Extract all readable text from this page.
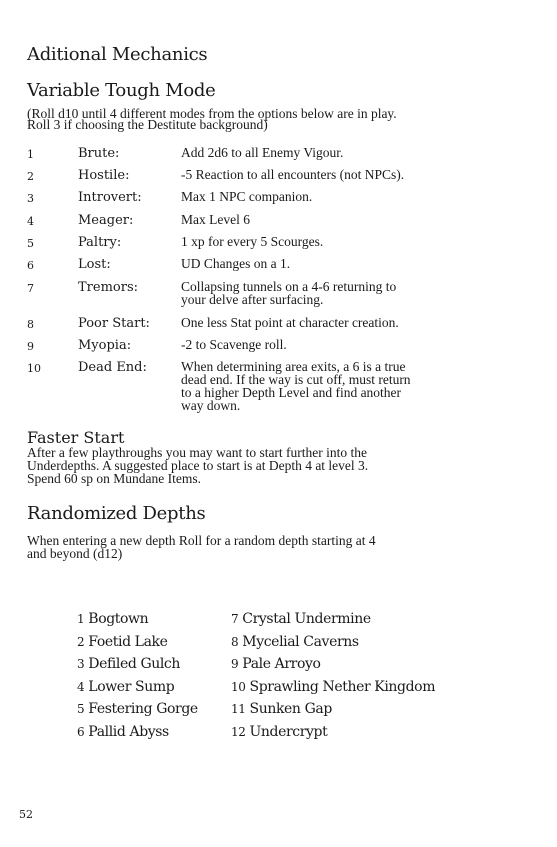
Aditional Mechanics
Variable Tough Mode

(Roll d10 until 4 different modes from the options below are in play.
Roll 3 if choosing the Destitute background)

1	Brute:	Add 2d6 to all Enemy Vigour.
2	Hostile:	-5 Reaction to all encounters (not NPCs).
3	Introvert:	Max 1 NPC companion.
4	Meager:	Max Level 6
5	Paltry:	1 xp for every 5 Scourges.
6	Lost:	UD Changes on a 1.
7	Tremors:	Collapsing tunnels on a 4-6 returning to
your delve after surfacing.
8	Poor Start: One less Stat point at character creation.
9	Myopia:	-2 to Scavenge roll.
10	Dead End:	When determining area exits, a 6 is a true
dead end. If the way is cut off, must return
to a higher Depth Level and find another
way down.
Faster Start

After a few playthroughs you may want to start further into the
Underdepths. A suggested place to start is at Depth 4 at level 3.
Spend 60 sp on Mundane Items.

Randomized Depths

When entering a new depth Roll for a random depth starting at 4
and beyond (d12)

1 Bogtown
2 Foetid Lake
3 Defiled Gulch
4 Lower Sump
5 Festering Gorge
6 Pallid Abyss
7 Crystal Undermine
8 Mycelial Caverns
9 Pale Arroyo
10 Sprawling Nether Kingdom
11 Sunken Gap
12 Undercrypt
52
